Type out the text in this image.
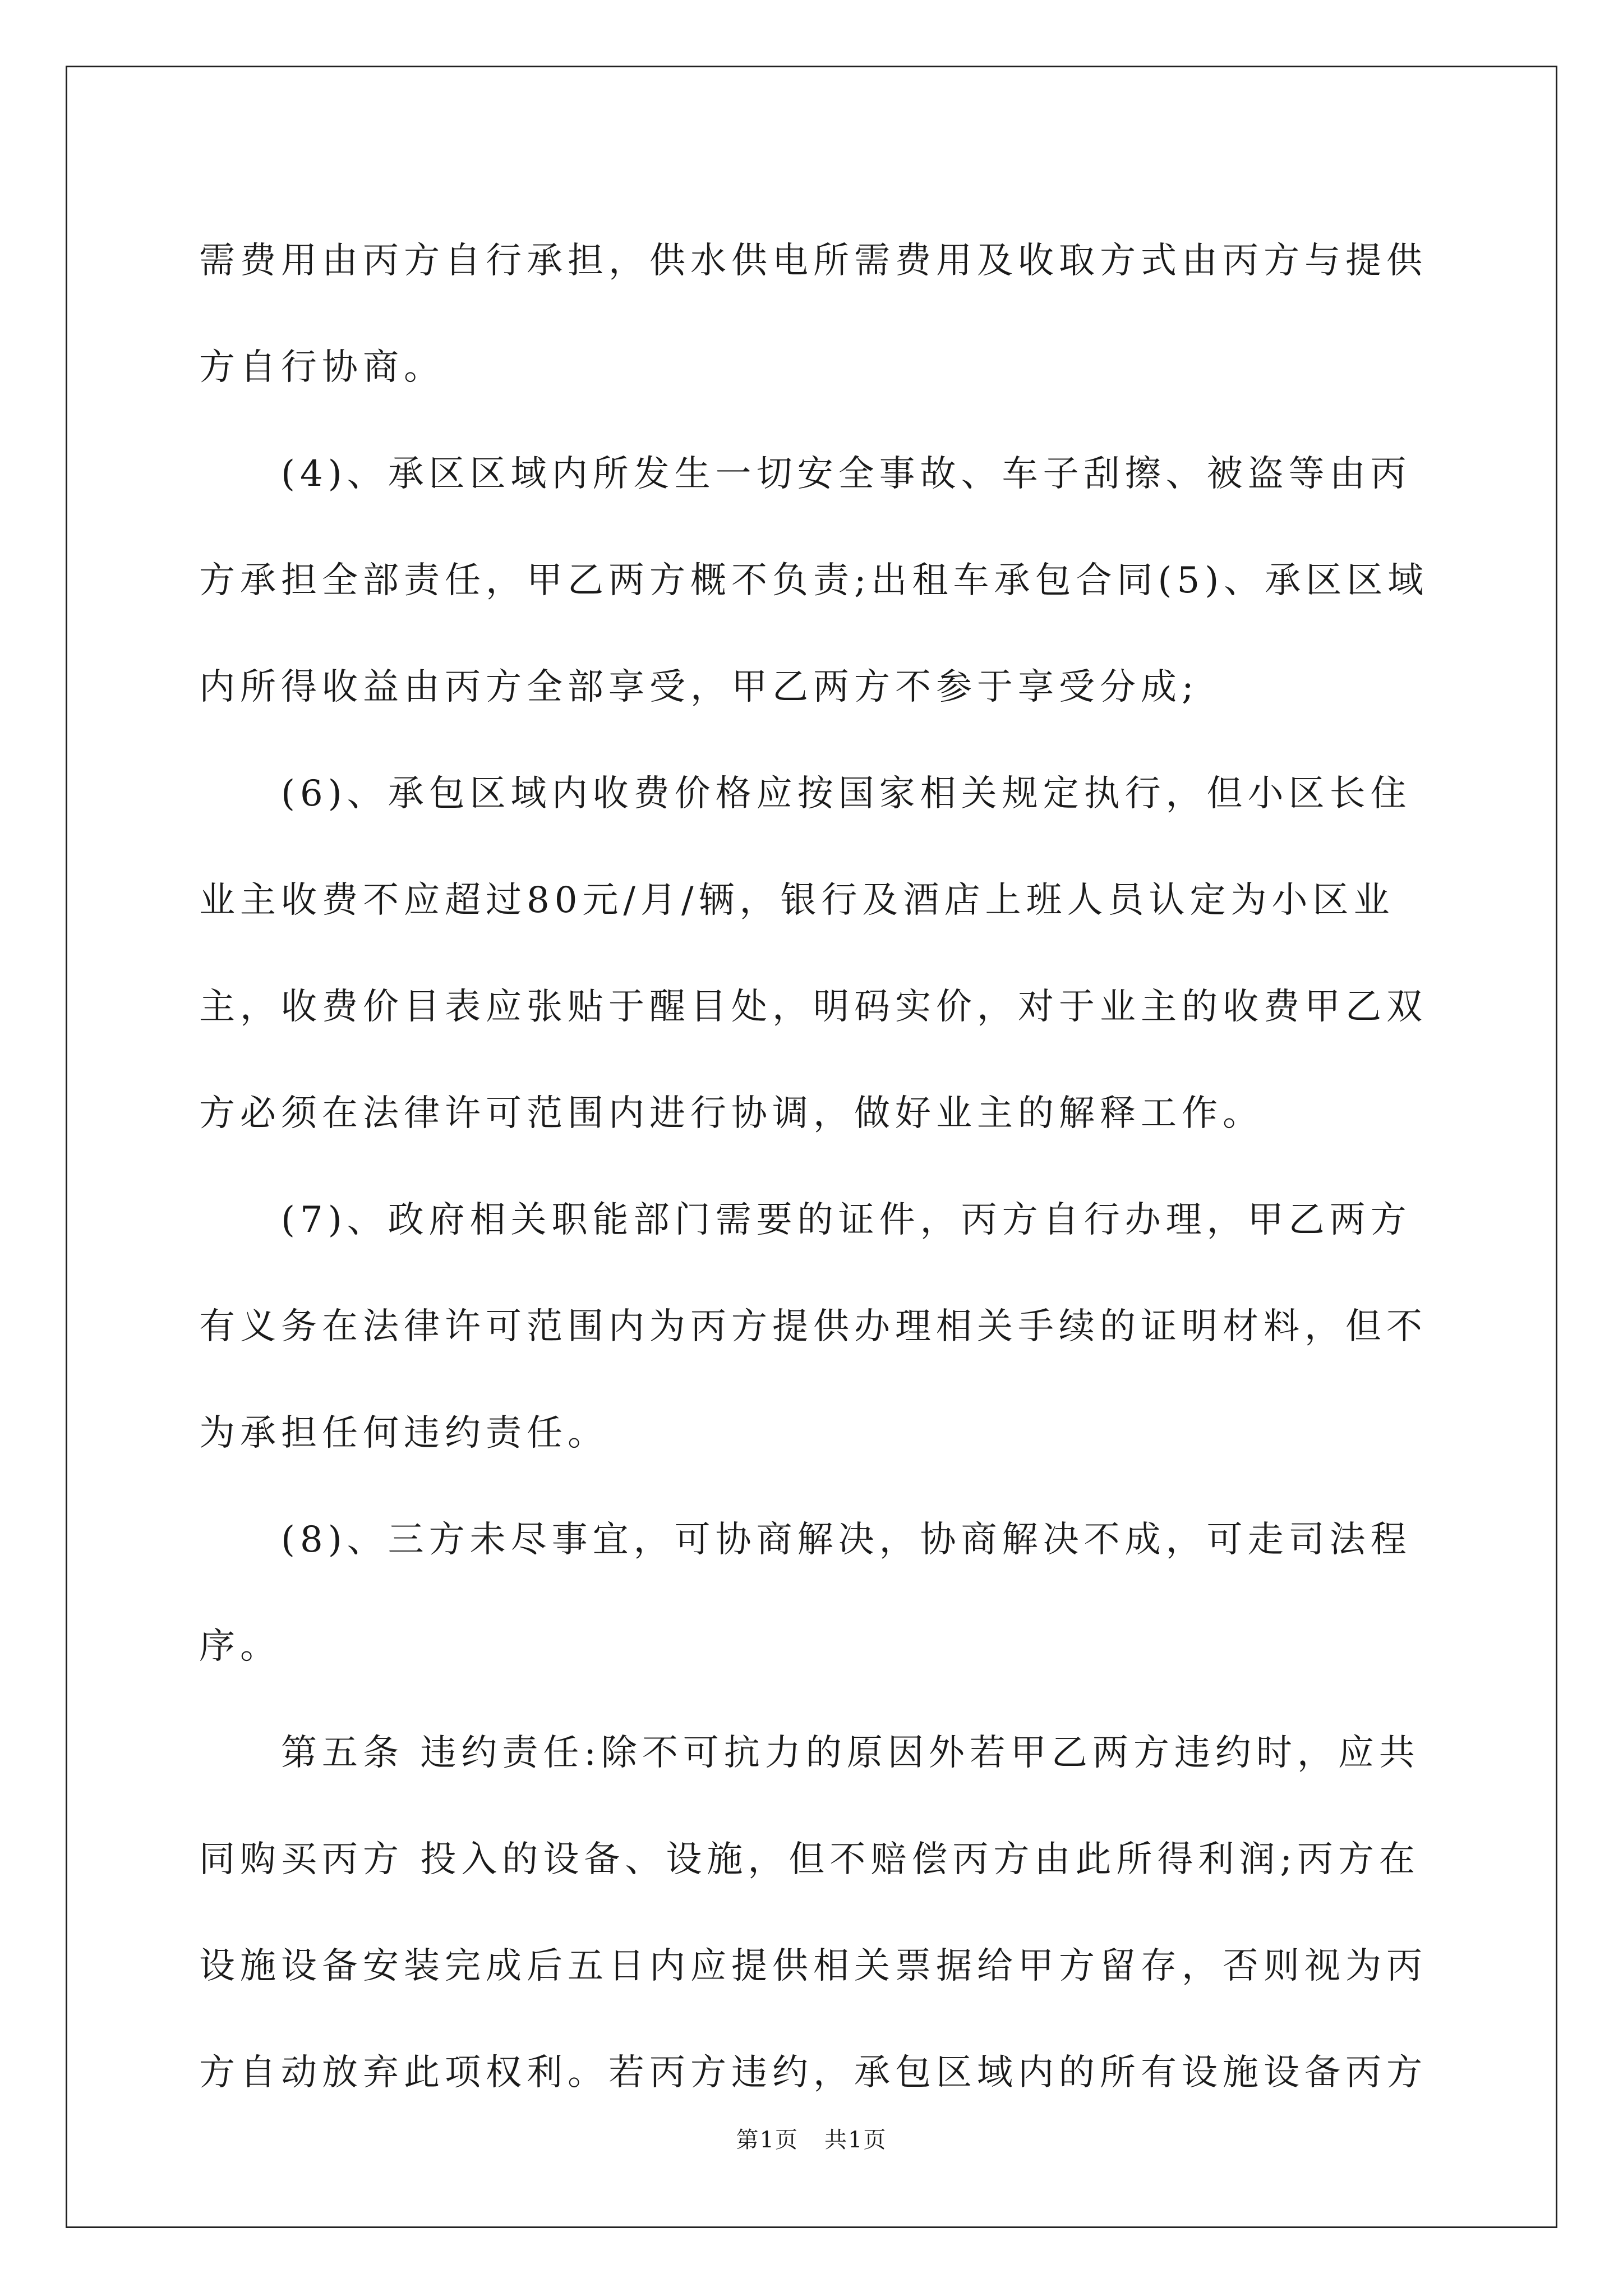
需费用由丙方自行承担，供水供电所需费用及收取方式由丙方与提供方自行协商。

(4)、承区区域内所发生一切安全事故、车子刮擦、被盗等由丙方承担全部责任，甲乙两方概不负责;出租车承包合同(5)、承区区域内所得收益由丙方全部享受，甲乙两方不参于享受分成;

(6)、承包区域内收费价格应按国家相关规定执行，但小区长住业主收费不应超过80元/月/辆，银行及酒店上班人员认定为小区业主，收费价目表应张贴于醒目处，明码实价，对于业主的收费甲乙双方必须在法律许可范围内进行协调，做好业主的解释工作。

(7)、政府相关职能部门需要的证件，丙方自行办理，甲乙两方有义务在法律许可范围内为丙方提供办理相关手续的证明材料，但不为承担任何违约责任。

(8)、三方未尽事宜，可协商解决，协商解决不成，可走司法程序。

第五条 违约责任:除不可抗力的原因外若甲乙两方违约时，应共同购买丙方 投入的设备、设施，但不赔偿丙方由此所得利润;丙方在设施设备安装完成后五日内应提供相关票据给甲方留存，否则视为丙方自动放弃此项权利。若丙方违约，承包区域内的所有设施设备丙方

第1页 共1页
